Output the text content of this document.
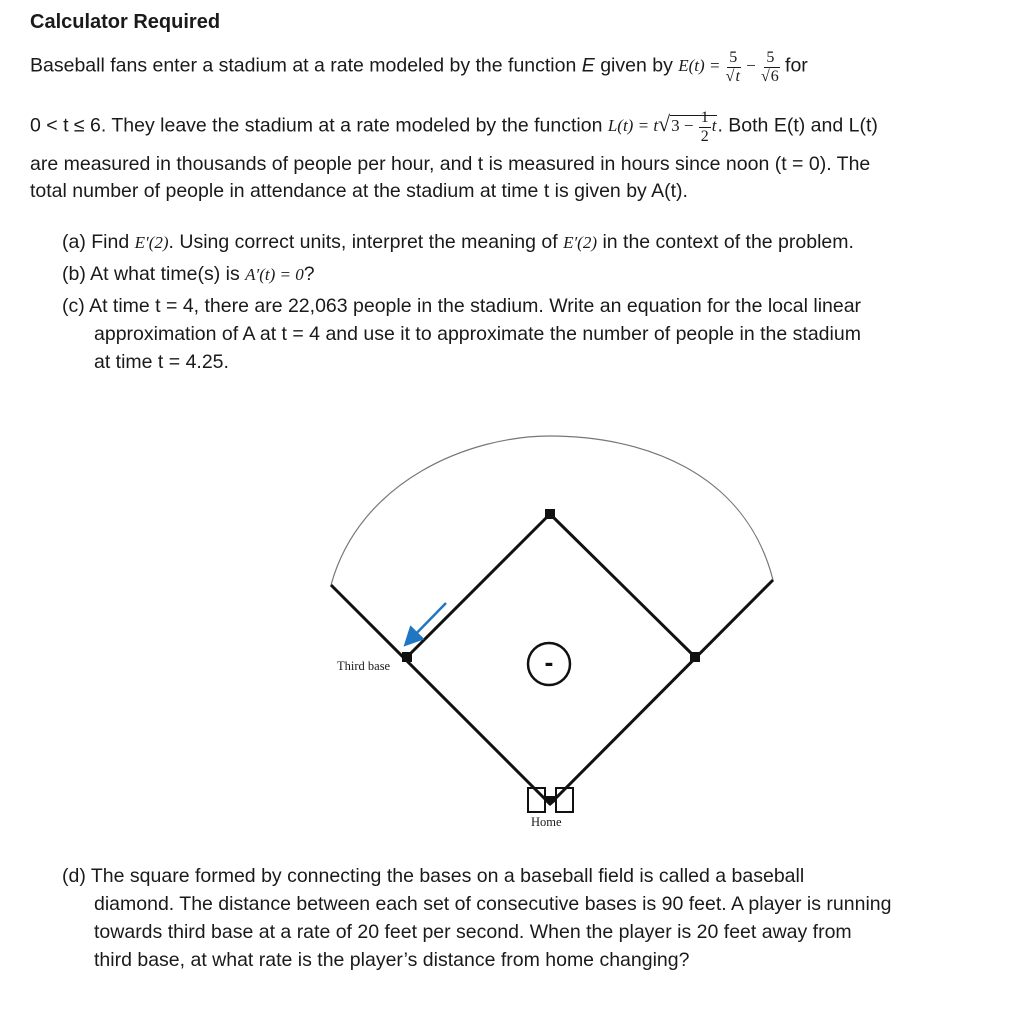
Calculator Required
Baseball fans enter a stadium at a rate modeled by the function E given by $E(t) = \frac{5}{√t} - \frac{5}{√6}$ for
0 < t ≤ 6. They leave the stadium at a rate modeled by the function $L(t) = t√3 - \frac{1}{2} t$. Both E(t) and L(t)
are measured in thousands of people per hour, and t is measured in hours since noon (t = 0). The
total number of people in attendance at the stadium at time t is given by A(t).
(a) Find E′(2). Using correct units, interpret the meaning of E′(2) in the context of the problem.
(b) At what time(s) is A′(t) = 0?
(c) At time t = 4, there are 22,063 people in the stadium. Write an equation for the local linear
approximation of A at t = 4 and use it to approximate the number of people in the stadium
at time t = 4.25.
-
Third base
Home
(d) The square formed by connecting the bases on a baseball field is called a baseball
diamond. The distance between each set of consecutive bases is 90 feet. A player is running
towards third base at a rate of 20 feet per second. When the player is 20 feet away from
third base, at what rate is the player’s distance from home changing?
